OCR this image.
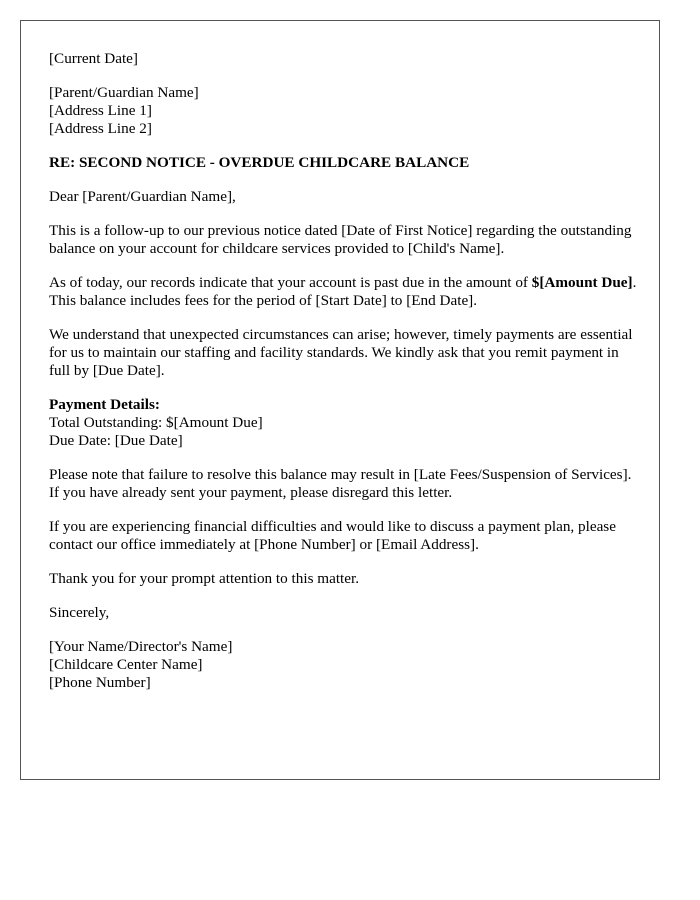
[Current Date]

[Parent/Guardian Name]
[Address Line 1]
[Address Line 2]

RE: SECOND NOTICE - OVERDUE CHILDCARE BALANCE

Dear [Parent/Guardian Name],

This is a follow-up to our previous notice dated [Date of First Notice] regarding the outstanding balance on your account for childcare services provided to [Child's Name].

As of today, our records indicate that your account is past due in the amount of $[Amount Due]. This balance includes fees for the period of [Start Date] to [End Date].

We understand that unexpected circumstances can arise; however, timely payments are essential for us to maintain our staffing and facility standards. We kindly ask that you remit payment in full by [Due Date].

Payment Details:
Total Outstanding: $[Amount Due]
Due Date: [Due Date]

Please note that failure to resolve this balance may result in [Late Fees/Suspension of Services]. If you have already sent your payment, please disregard this letter.

If you are experiencing financial difficulties and would like to discuss a payment plan, please contact our office immediately at [Phone Number] or [Email Address].

Thank you for your prompt attention to this matter.

Sincerely,

[Your Name/Director's Name]
[Childcare Center Name]
[Phone Number]
